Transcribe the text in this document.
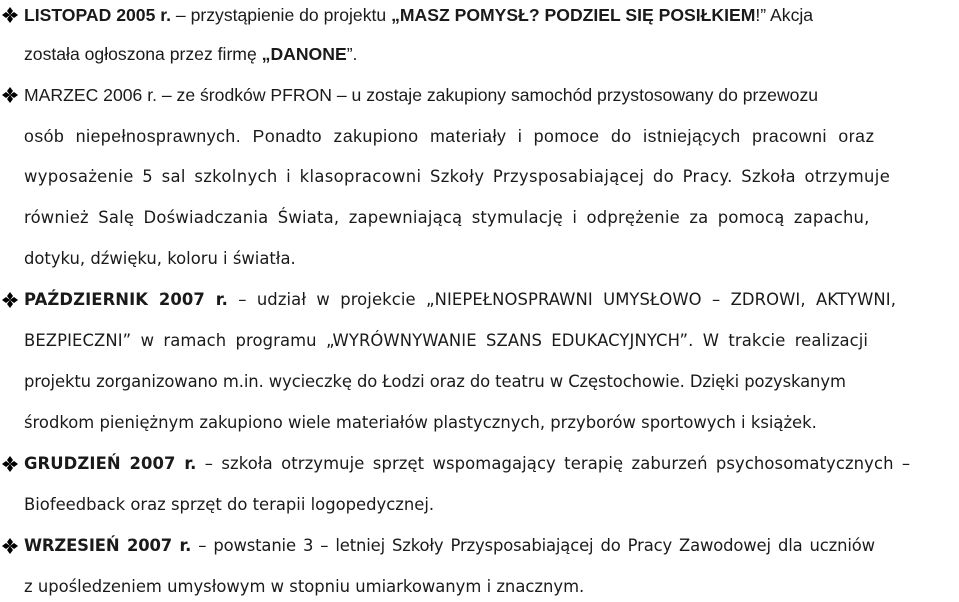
LISTOPAD 2005 r. – przystąpienie do projektu „MASZ POMYSŁ? PODZIEL SIĘ POSIŁKIEM!” Akcja
została ogłoszona przez firmę „DANONE”.
MARZEC 2006 r. – ze środków PFRON – u zostaje zakupiony samochód przystosowany do przewozu
osób niepełnosprawnych. Ponadto zakupiono materiały i pomoce do istniejących pracowni oraz
wyposażenie 5 sal szkolnych i klasopracowni Szkoły Przysposabiającej do Pracy. Szkoła otrzymuje
również Salę Doświadczania Świata, zapewniającą stymulację i odprężenie za pomocą zapachu,
dotyku, dźwięku, koloru i światła.
PAŹDZIERNIK 2007 r. – udział w projekcie „NIEPEŁNOSPRAWNI UMYSŁOWO – ZDROWI, AKTYWNI,
BEZPIECZNI” w ramach programu „WYRÓWNYWANIE SZANS EDUKACYJNYCH”. W trakcie realizacji
projektu zorganizowano m.in. wycieczkę do Łodzi oraz do teatru w Częstochowie. Dzięki pozyskanym
środkom pieniężnym zakupiono wiele materiałów plastycznych, przyborów sportowych i książek.
GRUDZIEŃ 2007 r. – szkoła otrzymuje sprzęt wspomagający terapię zaburzeń psychosomatycznych –
Biofeedback oraz sprzęt do terapii logopedycznej.
WRZESIEŃ 2007 r. – powstanie 3 – letniej Szkoły Przysposabiającej do Pracy Zawodowej dla uczniów
z upośledzeniem umysłowym w stopniu umiarkowanym i znacznym.
